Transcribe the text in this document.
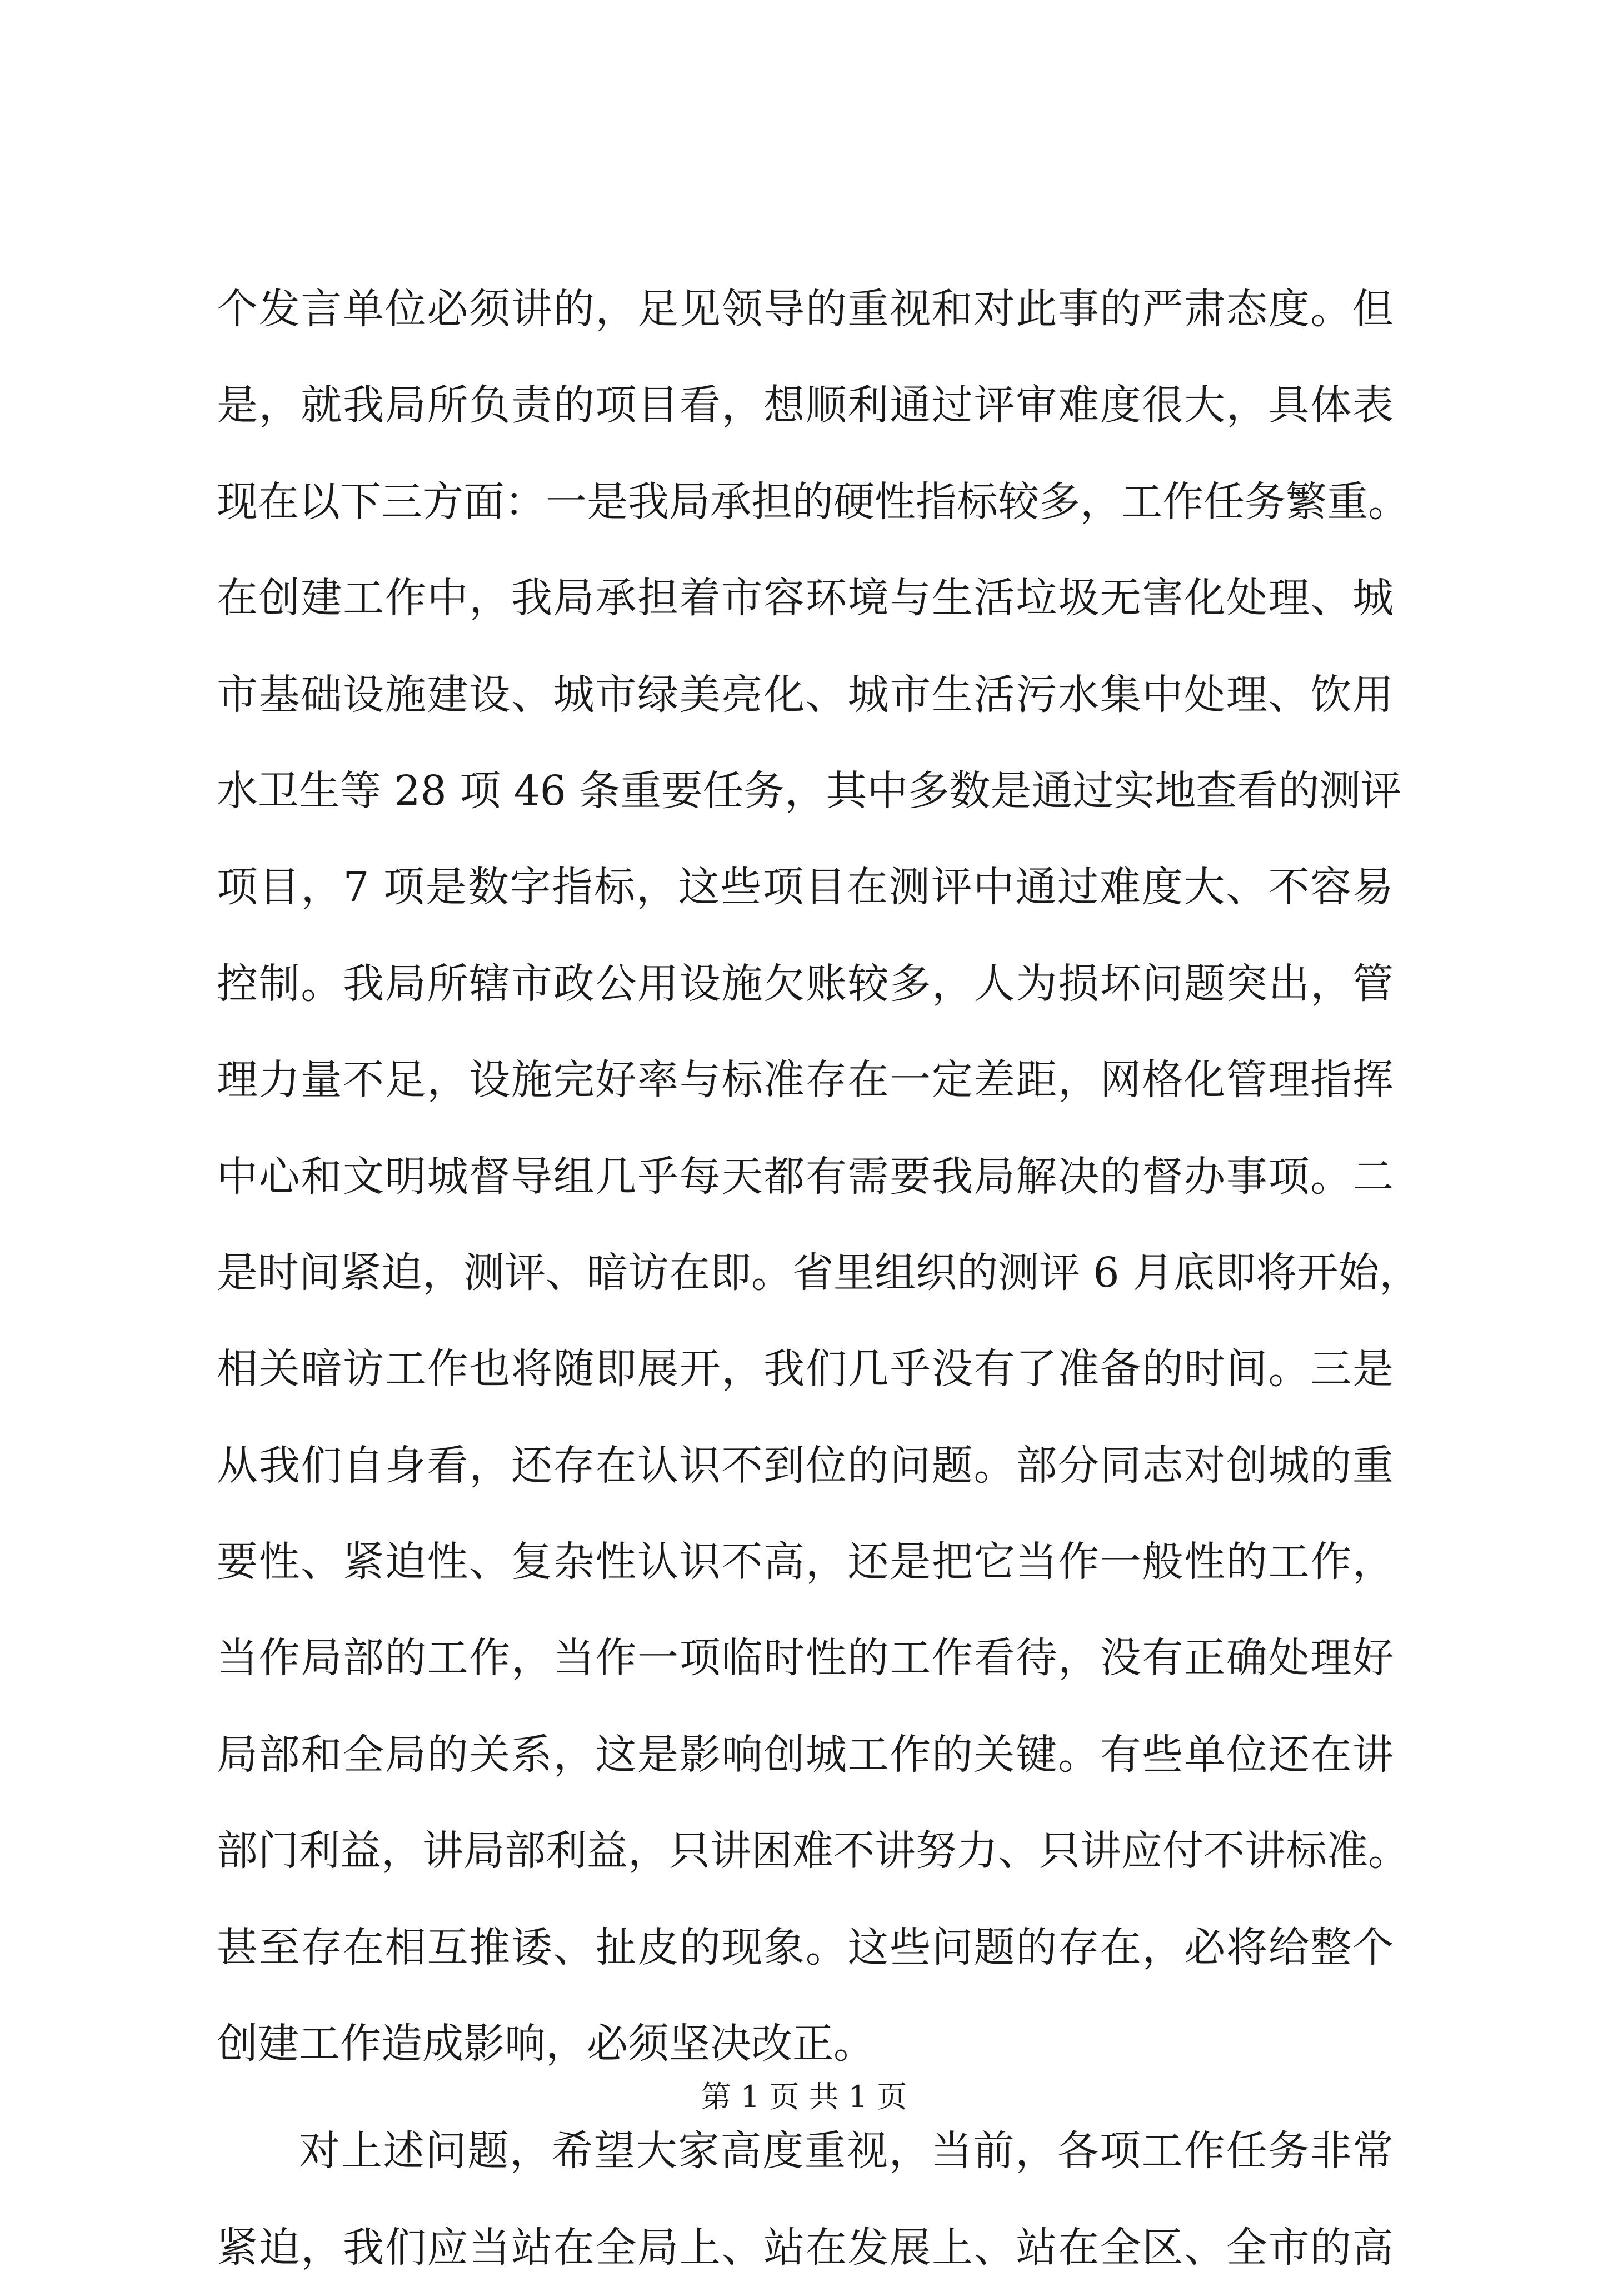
个发言单位必须讲的，足见领导的重视和对此事的严肃态度。但
是，就我局所负责的项目看，想顺利通过评审难度很大，具体表
现在以下三方面：一是我局承担的硬性指标较多，工作任务繁重。
在创建工作中，我局承担着市容环境与生活垃圾无害化处理、城
市基础设施建设、城市绿美亮化、城市生活污水集中处理、饮用
水卫生等 28 项 46 条重要任务，其中多数是通过实地查看的测评
项目，7 项是数字指标，这些项目在测评中通过难度大、不容易
控制。我局所辖市政公用设施欠账较多，人为损坏问题突出，管
理力量不足，设施完好率与标准存在一定差距，网格化管理指挥
中心和文明城督导组几乎每天都有需要我局解决的督办事项。二
是时间紧迫，测评、暗访在即。省里组织的测评 6 月底即将开始，
相关暗访工作也将随即展开，我们几乎没有了准备的时间。三是
从我们自身看，还存在认识不到位的问题。部分同志对创城的重
要性、紧迫性、复杂性认识不高，还是把它当作一般性的工作，
当作局部的工作，当作一项临时性的工作看待，没有正确处理好
局部和全局的关系，这是影响创城工作的关键。有些单位还在讲
部门利益，讲局部利益，只讲困难不讲努力、只讲应付不讲标准。
甚至存在相互推诿、扯皮的现象。这些问题的存在，必将给整个
创建工作造成影响，必须坚决改正。
对上述问题，希望大家高度重视，当前，各项工作任务非常
紧迫，我们应当站在全局上、站在发展上、站在全区、全市的高
第 1 页 共 1 页
